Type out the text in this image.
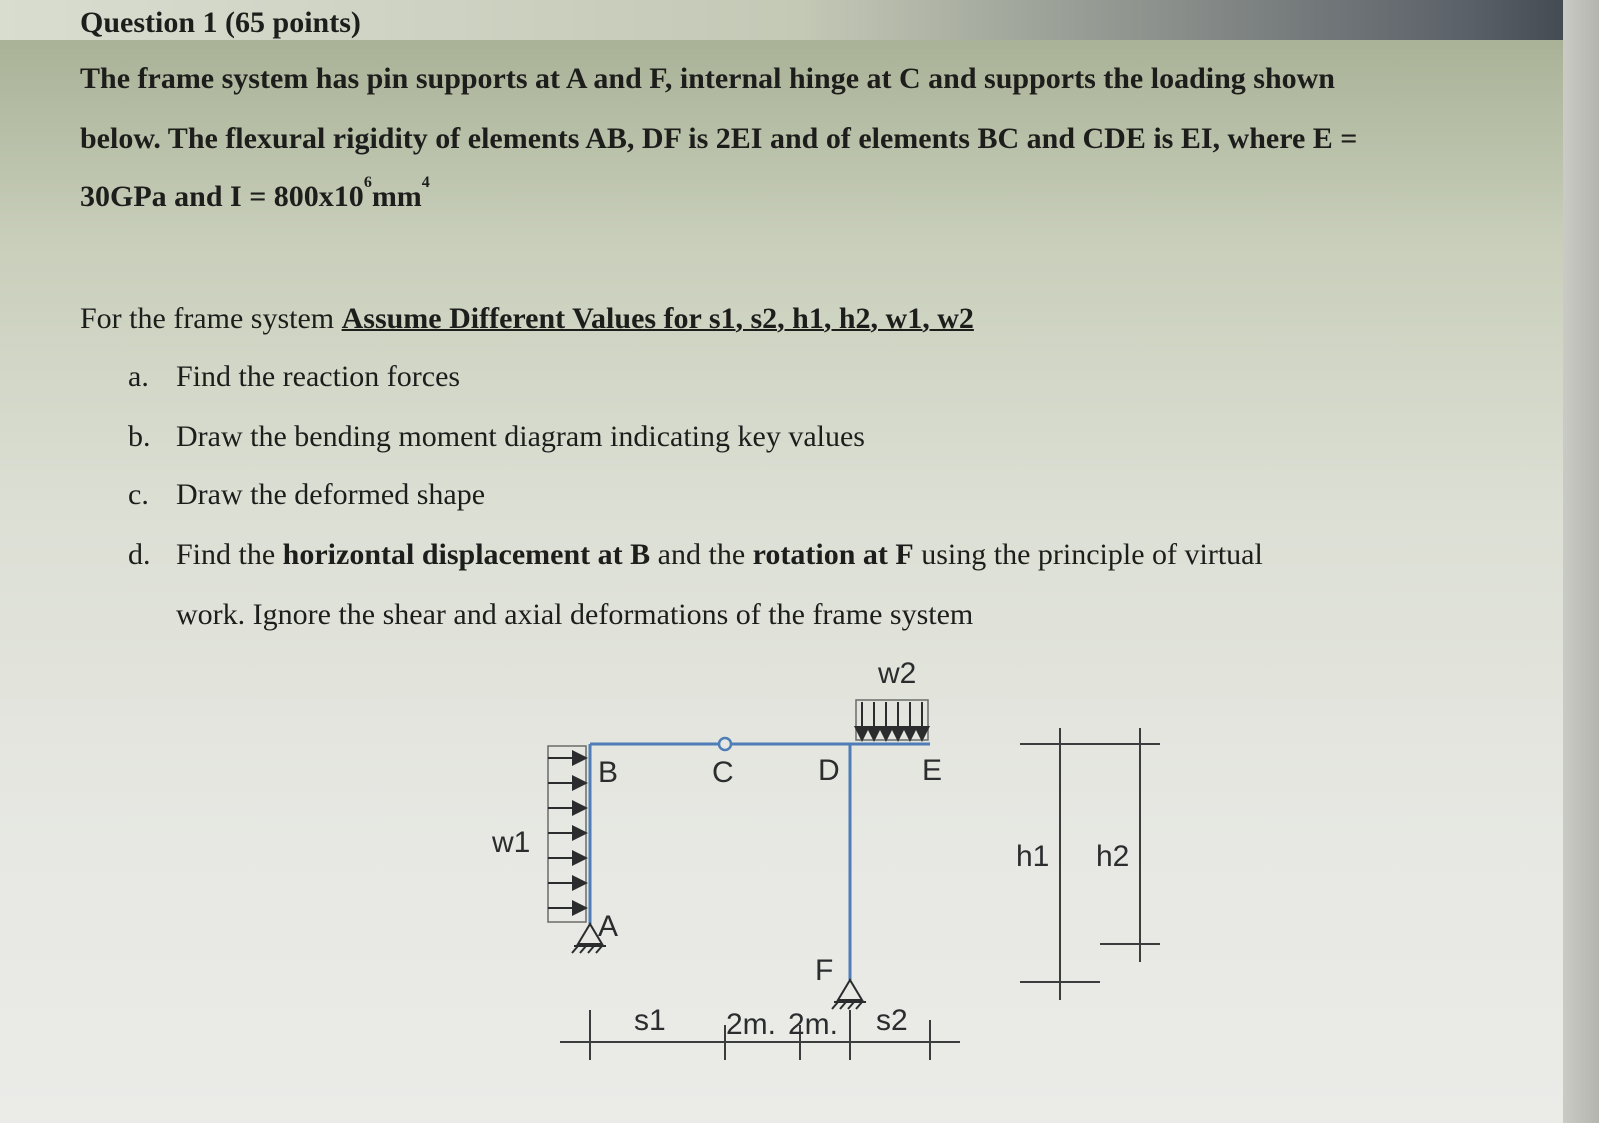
Question 1 (65 points)
The frame system has pin supports at A and F, internal hinge at C and supports the loading shown
below. The flexural rigidity of elements AB, DF is 2EI and of elements BC and CDE is EI, where E =
30GPa and $I = 800x10^6mm^4$
For the frame system Assume Different Values for s1, s2, h1, h2, w1, w2
a. Find the reaction forces
b. Draw the bending moment diagram indicating key values
c. Draw the deformed shape
d. Find the horizontal displacement at B and the rotation at F using the principle of virtual
work. Ignore the shear and axial deformations of the frame system
w2
w1
B	C	D	E
A
F
s1 2m. 2m. s2
h1 h2
